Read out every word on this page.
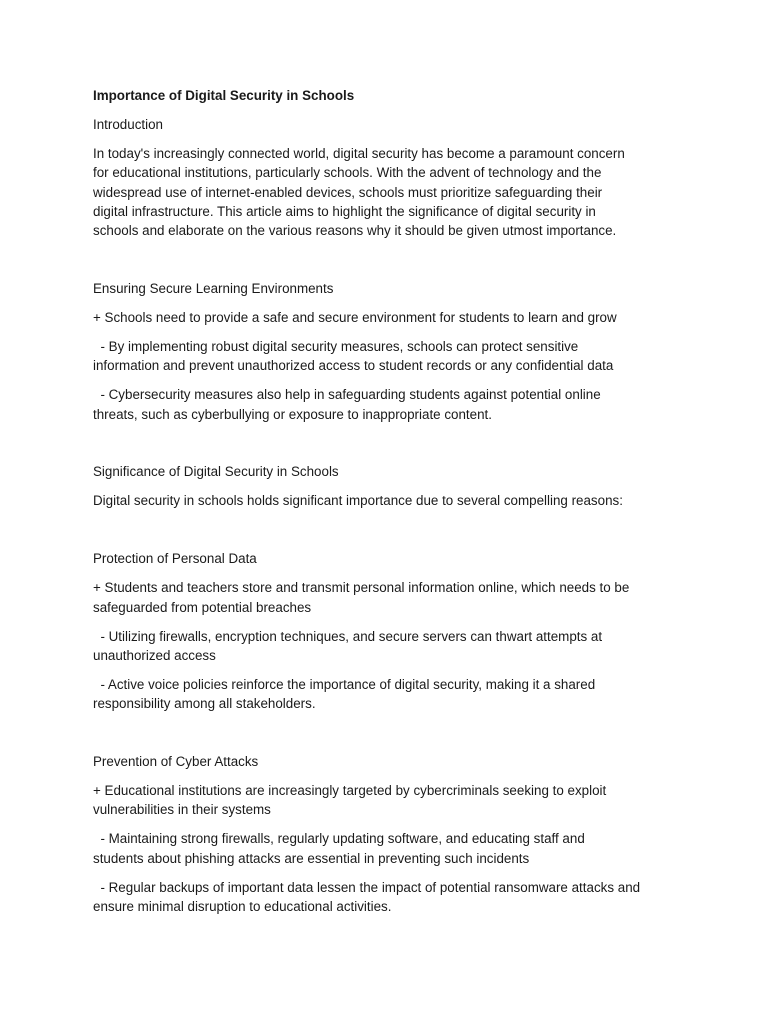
Importance of Digital Security in Schools

Introduction

In today's increasingly connected world, digital security has become a paramount concern

for educational institutions, particularly schools. With the advent of technology and the

widespread use of internet-enabled devices, schools must prioritize safeguarding their

digital infrastructure. This article aims to highlight the significance of digital security in

schools and elaborate on the various reasons why it should be given utmost importance.

Ensuring Secure Learning Environments

+ Schools need to provide a safe and secure environment for students to learn and grow

- By implementing robust digital security measures, schools can protect sensitive

information and prevent unauthorized access to student records or any confidential data

- Cybersecurity measures also help in safeguarding students against potential online

threats, such as cyberbullying or exposure to inappropriate content.

Significance of Digital Security in Schools

Digital security in schools holds significant importance due to several compelling reasons:

Protection of Personal Data

+ Students and teachers store and transmit personal information online, which needs to be

safeguarded from potential breaches

- Utilizing firewalls, encryption techniques, and secure servers can thwart attempts at

unauthorized access

- Active voice policies reinforce the importance of digital security, making it a shared

responsibility among all stakeholders.

Prevention of Cyber Attacks

+ Educational institutions are increasingly targeted by cybercriminals seeking to exploit

vulnerabilities in their systems

- Maintaining strong firewalls, regularly updating software, and educating staff and

students about phishing attacks are essential in preventing such incidents

- Regular backups of important data lessen the impact of potential ransomware attacks and

ensure minimal disruption to educational activities.
